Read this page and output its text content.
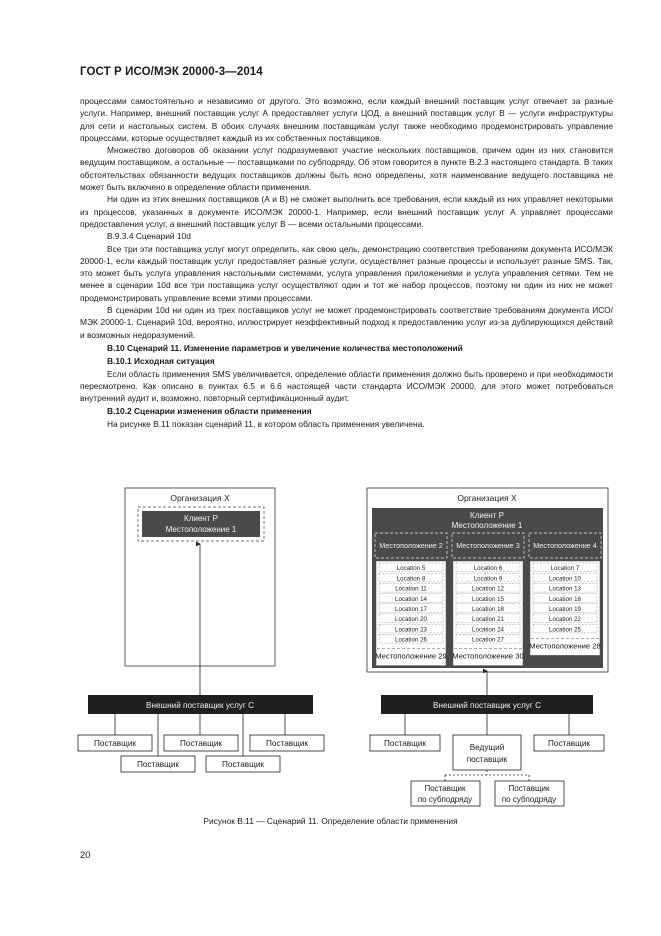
ГОСТ Р ИСО/МЭК 20000-3—2014

процессами самостоятельно и независимо от другого. Это возможно, если каждый внешний поставщик услуг отвечает за разные услуги. Например, внешний поставщик услуг А предоставляет услуги ЦОД, а внешний поставщик услуг В — услуги инфраструктуры для сети и настольных систем. В обоих случаях внешним поставщикам услуг также необходимо продемонстрировать управление процессами, которые осуществляет каждый из их собственных поставщиков.

Множество договоров об оказании услуг подразумевают участие нескольких поставщиков, причем один из них становится ведущим поставщиком, а остальные — поставщиками по субподряду. Об этом говорится в пункте В.2.3 настоящего стандарта. В таких обстоятельствах обязанности ведущих поставщиков должны быть ясно определены, хотя наименование ведущего поставщика не может быть включено в определение области применения.

Ни один из этих внешних поставщиков (А и В) не сможет выполнить все требования, если каждый из них управляет некоторыми из процессов, указанных в документе ИСО/МЭК 20000-1. Например, если внешний поставщик услуг А управляет процессами предоставления услуг, а внешний поставщик услуг В — всеми остальными процессами.

В.9.3.4 Сценарий 10d

Все три эти поставщика услуг могут определить, как свою цель, демонстрацию соответствия требованиям документа ИСО/МЭК 20000-1, если каждый поставщик услуг предоставляет разные услуги, осуществляет разные процессы и использует разные SMS. Так, это может быть услуга управления настольными системами, услуга управления приложениями и услуга управления сетями. Тем не менее в сценарии 10d все три поставщика услуг осуществляют один и тот же набор процессов, поэтому ни один из них не может продемонстрировать управление всеми этими процессами.

В сценарии 10d ни один из трех поставщиков услуг не может продемонстрировать соответствие требованиям документа ИСО/МЭК 20000-1. Сценарий 10d, вероятно, иллюстрирует неэффективный подход к предоставлению услуг из-за дублирующихся действий и возможных недоразумений.

В.10 Сценарий 11. Изменение параметров и увеличение количества местоположений

В.10.1 Исходная ситуация

Если область применения SMS увеличивается, определение области применения должно быть проверено и при необходимости пересмотрено. Как описано в пунктах 6.5 и 6.6 настоящей части стандарта ИСО/МЭК 20000, для этого может потребоваться внутренний аудит и, возможно, повторный сертификационный аудит.

В.10.2 Сценарии изменения области применения

На рисунке В.11 показан сценарий 11, в котором область применения увеличена.

Организация X
Клиент Р
Местоположение 1
Внешний поставщик услуг С
Поставщик	Поставщик	Поставщик
Поставщик	Поставщик
Организация X
Клиент Р
Местоположение 1
Местоположение 2
Location 5
Location 8
Location 11
Location 14
Location 17
Location 20
Location 23
Location 26
Местоположение 29
Местоположение 3
Location 6
Location 9
Location 12
Location 15
Location 18
Location 21
Location 24
Location 27
Местоположение 30
Местоположение 4
Location 7
Location 10
Location 13
Location 16
Location 19
Location 22
Location 25
Местоположение 28
Внешний поставщик услуг С
Поставщик	Ведущий
поставщик
Поставщик
Поставщик
по субподряду
Поставщик
по субподряду
Рисунок В.11 — Сценарий 11. Определение области применения
20
